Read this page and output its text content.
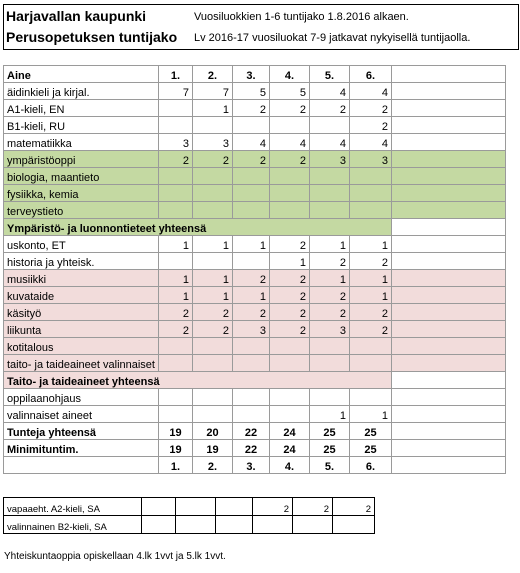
Harjavallan kaupunki
Perusopetuksen tuntijako
Vuosiluokkien 1-6 tuntijako 1.8.2016 alkaen.
Lv 2016-17 vuosiluokat 7-9 jatkavat nykyisellä tuntijaolla.
Aine	1.	2.	3.	4.	5.	6.	
äidinkieli ja kirjal.	7	7	5	5	4	4	
A1-kieli, EN		1	2	2	2	2	
B1-kieli, RU						2	
matematiikka	3	3	4	4	4	4	
ympäristöoppi	2	2	2	2	3	3	
biologia, maantieto							
fysiikka, kemia							
terveystieto							
Ympäristö- ja luonnontieteet yhteensä							
uskonto, ET	1	1	1	2	1	1	
historia ja yhteisk.				1	2	2	
musiikki	1	1	2	2	1	1	
kuvataide	1	1	1	2	2	1	
käsityö	2	2	2	2	2	2	
liikunta	2	2	3	2	3	2	
kotitalous							
taito- ja taideaineet valinnaiset							
Taito- ja taideaineet yhteensä							
oppilaanohjaus							
valinnaiset aineet					1	1	
Tunteja yhteensä	19	20	22	24	25	25	
Minimituntim.	19	19	22	24	25	25	
	1.	2.	3.	4.	5.	6.	
vapaaeht. A2-kieli, SA				2	2	2
valinnainen B2-kieli, SA						
Yhteiskuntaoppia opiskellaan 4.lk 1vvt ja 5.lk 1vvt.
